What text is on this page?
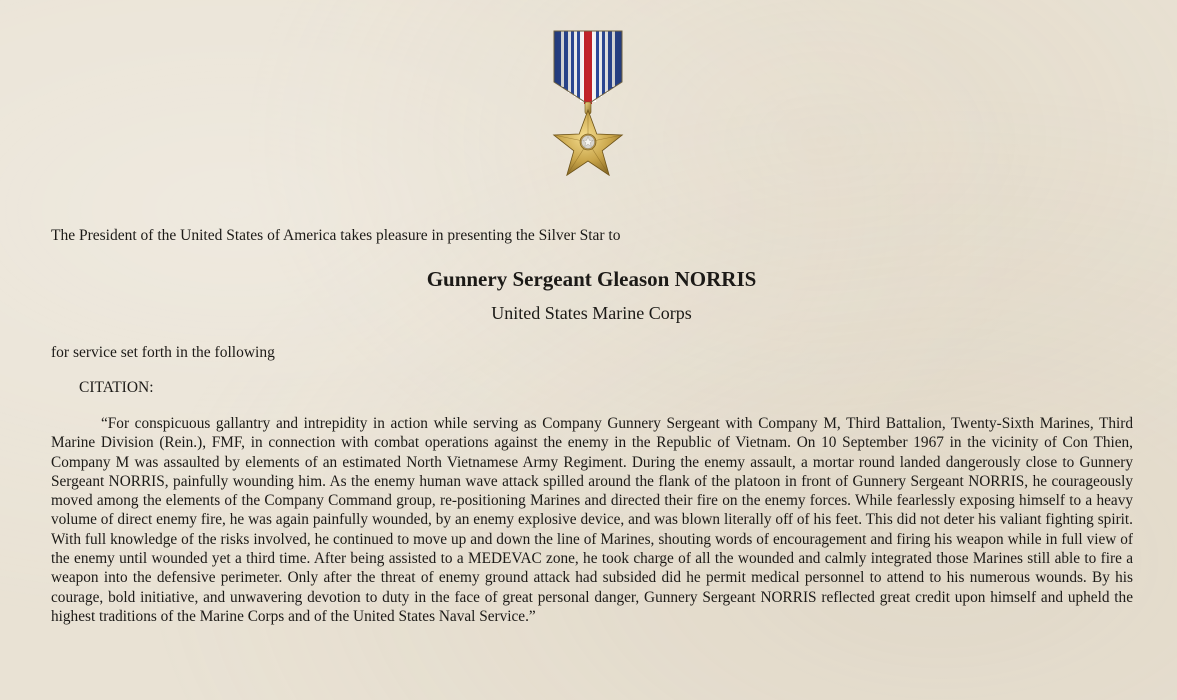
The President of the United States of America takes pleasure in presenting the Silver Star to
Gunnery Sergeant Gleason NORRIS
United States Marine Corps
for service set forth in the following
CITATION:
“For conspicuous gallantry and intrepidity in action while serving as Company Gunnery Sergeant with Company M, Third Battalion, Twenty-Sixth Marines, Third Marine Division (Rein.), FMF, in connection with combat operations against the enemy in the Republic of Vietnam. On 10 September 1967 in the vicinity of Con Thien, Company M was assaulted by elements of an estimated North Vietnamese Army Regiment. During the enemy assault, a mortar round landed dangerously close to Gunnery Sergeant NORRIS, painfully wounding him. As the enemy human wave attack spilled around the flank of the platoon in front of Gunnery Sergeant NORRIS, he courageously moved among the elements of the Company Command group, re-positioning Marines and directed their fire on the enemy forces. While fearlessly exposing himself to a heavy volume of direct enemy fire, he was again painfully wounded, by an enemy explosive device, and was blown literally off of his feet. This did not deter his valiant fighting spirit. With full knowledge of the risks involved, he continued to move up and down the line of Marines, shouting words of encouragement and firing his weapon while in full view of the enemy until wounded yet a third time. After being assisted to a MEDEVAC zone, he took charge of all the wounded and calmly integrated those Marines still able to fire a weapon into the defensive perimeter. Only after the threat of enemy ground attack had subsided did he permit medical personnel to attend to his numerous wounds. By his courage, bold initiative, and unwavering devotion to duty in the face of great personal danger, Gunnery Sergeant NORRIS reflected great credit upon himself and upheld the highest traditions of the Marine Corps and of the United States Naval Service.”
